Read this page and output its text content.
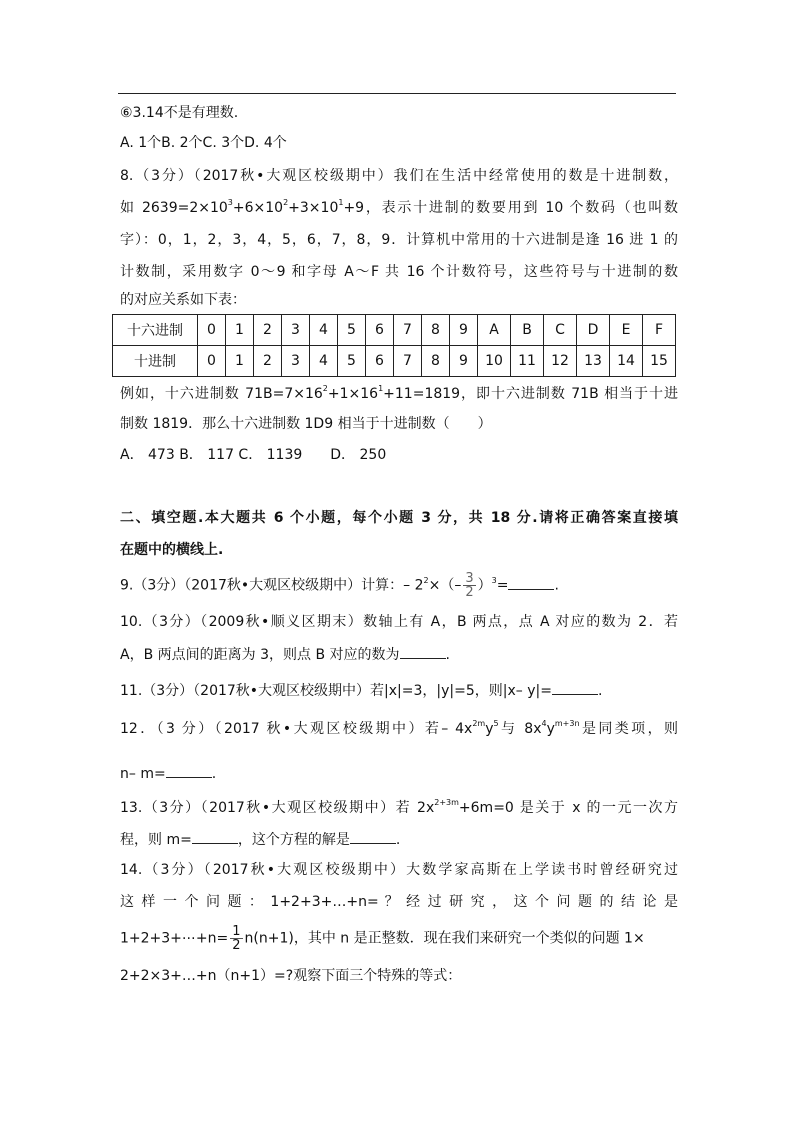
⑥3.14不是有理数.
A. 1个B. 2个C. 3个D. 4个
8.（3分）（2017秋•大观区校级期中）我们在生活中经常使用的数是十进制数，
如 $2639=2\times 10^3+6\times 10^2+3\times 10^1+9$，表示十进制的数要用到 10 个数码（也叫数
字）：0，1，2，3，4，5，6，7，8，9．计算机中常用的十六进制是逢 16 进 1 的
计数制，采用数字 0～9 和字母 A～F 共 16 个计数符号，这些符号与十进制的数
的对应关系如下表：
十六进制	0	1	2	3	4	5	6	7	8	9	A	B	C	D	E	F
十进制	0	1	2	3	4	5	6	7	8	9	10	11	12	13	14	15
例如，十六进制数 $71B=7\times 16^2+1\times 16^1+11=1819$，即十六进制数 71B 相当于十进
制数 1819．那么十六进制数 1D9 相当于十进制数（　　）
A． 473 B． 117 C． 1139　　D． 250
二、填空题.本大题共 6 个小题，每个小题 3 分，共 18 分.请将正确答案直接填
在题中的横线上.
9.（3分）（2017秋•大观区校级期中）计算：– $2^2\times(- \frac{3}{2} )^3=$	.
10.（3分）（2009秋•顺义区期末）数轴上有 A，B 两点，点 A 对应的数为 2．若
A，B 两点间的距离为 3，则点 B 对应的数为	.
11.（3分）（2017秋•大观区校级期中）若|x|=3，|y|=5，则|x– y|=	.
12．（3 分）（2017 秋•大观区校级期中）若– $4x^{2m}y^5$与 $8x^4y^{m+3n}$是同类项，则
n– m=	.
13.（3分）（2017秋•大观区校级期中）若 $2x^{2+3m}+6m=0$ 是关于 x 的一元一次方
程，则 m=	，这个方程的解是	.
14.（3分）（2017秋•大观区校级期中）大数学家高斯在上学读书时曾经研究过
这 样 一 个 问 题 ： 1+2+3+…+n= ？ 经 过 研 究 ， 这 个 问 题 的 结 论 是
1+2+3+⋯+n= $\frac{1}{2} n(n+1)$，其中 n 是正整数．现在我们来研究一个类似的问题 1×
2+2×3+…+n（n+1）=?观察下面三个特殊的等式：
